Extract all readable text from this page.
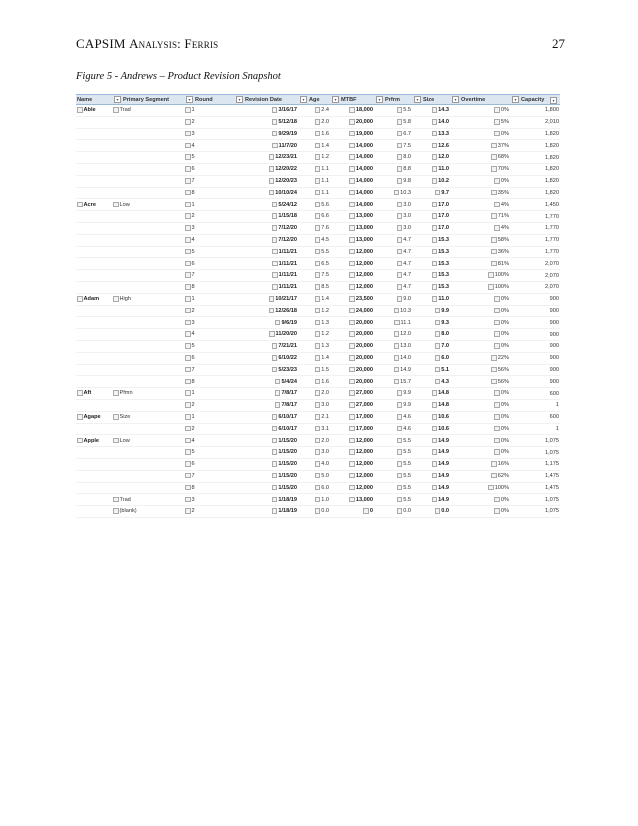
CAPSIM Analysis: Ferris	27
Figure 5 - Andrews – Product Revision Snapshot
Name	▾ Primary Segment	▾ Round	▾ Revision Date	▾ Age	▾ MTBF	▾ Prfrm	▾ Size	▾ Overtime	▾ Capacity ▾

Able	Trad	1	3/16/17	2.4	18,000	5.5	14.3	0%	1,800
		2	5/12/18	2.0	20,000	5.8	14.0	5%	2,010
		3	9/29/19	1.6	19,000	6.7	13.3	0%	1,820
		4	11/7/20	1.4	14,000	7.5	12.6	37%	1,820
		5	12/23/21	1.2	14,000	8.0	12.0	68%	1,820
		6	12/20/22	1.1	14,000	8.8	11.0	70%	1,820
		7	12/20/23	1.1	14,000	9.8	10.2	0%	1,820
		8	10/10/24	1.1	14,000	10.3	9.7	35%	1,820
Acre	Low	1	5/24/12	5.6	14,000	3.0	17.0	4%	1,450
		2	1/15/18	6.6	13,000	3.0	17.0	71%	1,770
		3	7/12/20	7.6	13,000	3.0	17.0	4%	1,770
		4	7/12/20	4.5	13,000	4.7	15.3	58%	1,770
		5	1/11/21	5.5	12,000	4.7	15.3	36%	1,770
		6	1/11/21	6.5	12,000	4.7	15.3	81%	2,070
		7	1/11/21	7.5	12,000	4.7	15.3	100%	2,070
		8	1/11/21	8.5	12,000	4.7	15.3	100%	2,070
Adam	High	1	10/21/17	1.4	23,500	9.0	11.0	0%	900
		2	12/26/18	1.2	24,000	10.3	9.9	0%	900
		3	9/6/19	1.3	20,000	11.1	9.3	0%	900
		4	11/20/20	1.2	20,000	12.0	8.0	0%	900
		5	7/21/21	1.3	20,000	13.0	7.0	0%	900
		6	6/10/22	1.4	20,000	14.0	6.0	22%	900
		7	5/23/23	1.5	20,000	14.9	5.1	56%	900
		8	5/4/24	1.6	20,000	15.7	4.3	56%	900
Aft	Pfmn	1	7/8/17	2.0	27,000	9.9	14.8	0%	600
		2	7/8/17	3.0	27,000	9.9	14.8	0%	1
Agape	Size	1	6/10/17	2.1	17,000	4.6	10.6	0%	600
		2	6/10/17	3.1	17,000	4.6	10.6	0%	1
Apple	Low	4	1/15/20	2.0	12,000	5.5	14.9	0%	1,075
		5	1/15/20	3.0	12,000	5.5	14.9	0%	1,075
		6	1/15/20	4.0	12,000	5.5	14.9	16%	1,175
		7	1/15/20	5.0	12,000	5.5	14.9	62%	1,475
		8	1/15/20	6.0	12,000	5.5	14.9	100%	1,475
	Trad	3	1/18/19	1.0	13,000	5.5	14.9	0%	1,075
	(blank)	2	1/18/19	0.0	0	0.0	0.0	0%	1,075
